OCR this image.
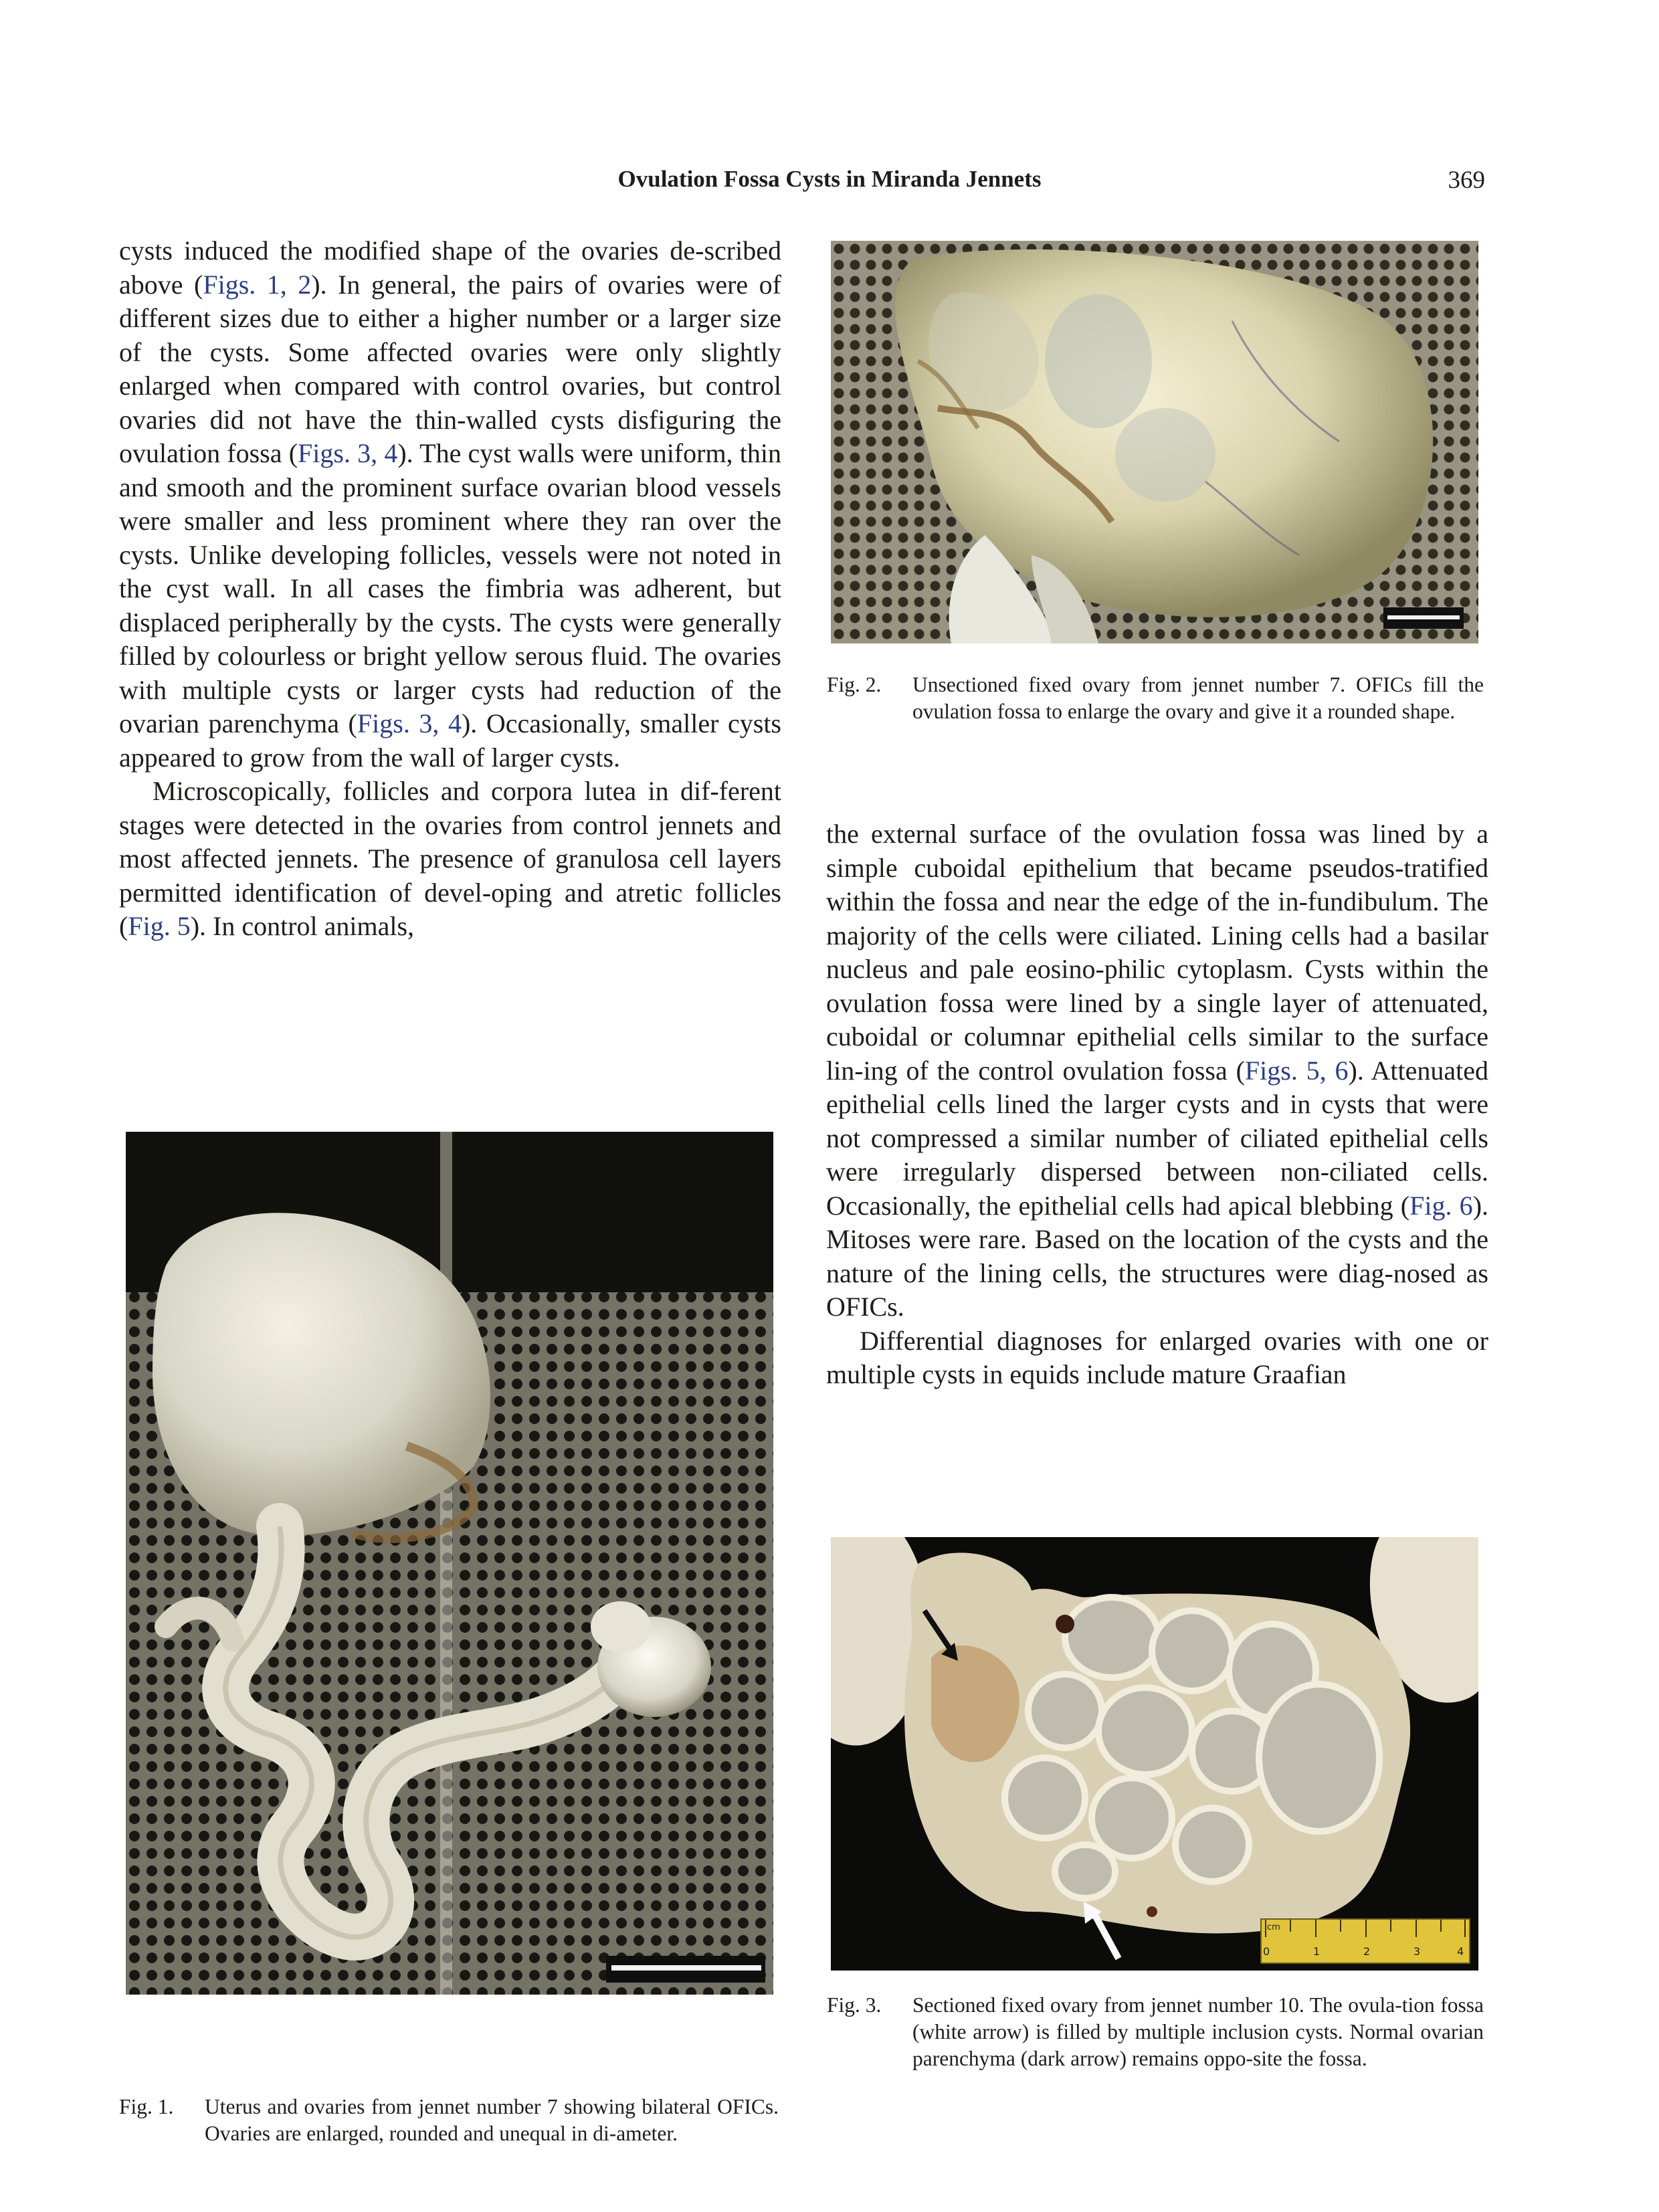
Ovulation Fossa Cysts in Miranda Jennets	369

cysts induced the modified shape of the ovaries de-scribed above (Figs. 1, 2). In general, the pairs of ovaries were of different sizes due to either a higher number or a larger size of the cysts. Some affected ovaries were only slightly enlarged when compared with control ovaries, but control ovaries did not have the thin-walled cysts disfiguring the ovulation fossa (Figs. 3, 4). The cyst walls were uniform, thin and smooth and the prominent surface ovarian blood vessels were smaller and less prominent where they ran over the cysts. Unlike developing follicles, vessels were not noted in the cyst wall. In all cases the fimbria was adherent, but displaced peripherally by the cysts. The cysts were generally filled by colourless or bright yellow serous fluid. The ovaries with multiple cysts or larger cysts had reduction of the ovarian parenchyma (Figs. 3, 4). Occasionally, smaller cysts appeared to grow from the wall of larger cysts.

Microscopically, follicles and corpora lutea in dif-ferent stages were detected in the ovaries from control jennets and most affected jennets. The presence of granulosa cell layers permitted identification of devel-oping and atretic follicles (Fig. 5). In control animals,

the external surface of the ovulation fossa was lined by a simple cuboidal epithelium that became pseudos-tratified within the fossa and near the edge of the in-fundibulum. The majority of the cells were ciliated. Lining cells had a basilar nucleus and pale eosino-philic cytoplasm. Cysts within the ovulation fossa were lined by a single layer of attenuated, cuboidal or columnar epithelial cells similar to the surface lin-ing of the control ovulation fossa (Figs. 5, 6). Attenuated epithelial cells lined the larger cysts and in cysts that were not compressed a similar number of ciliated epithelial cells were irregularly dispersed between non-ciliated cells. Occasionally, the epithelial cells had apical blebbing (Fig. 6). Mitoses were rare. Based on the location of the cysts and the nature of the lining cells, the structures were diag-nosed as OFICs.

Differential diagnoses for enlarged ovaries with one or multiple cysts in equids include mature Graafian

Fig. 2.	Unsectioned fixed ovary from jennet number 7. OFICs fill the ovulation fossa to enlarge the ovary and give it a rounded shape.
Fig. 1.	Uterus and ovaries from jennet number 7 showing bilateral OFICs. Ovaries are enlarged, rounded and unequal in di-ameter.
cm
0	1	2	3	4
Fig. 3.	Sectioned fixed ovary from jennet number 10. The ovula-tion fossa (white arrow) is filled by multiple inclusion cysts. Normal ovarian parenchyma (dark arrow) remains oppo-site the fossa.
